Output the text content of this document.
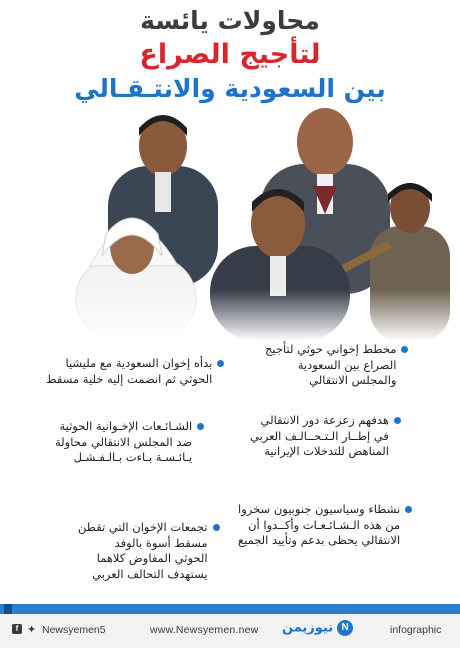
محاولات يائسة
لتأجيج الصراع
بين السعودية والانتـقـالي
مخطط إخواني حوثي لتأجيج
الصراع بين السعودية
والمجلس الانتقالي
بدأه إخوان السعودية مع مليشيا
الحوثي ثم انضمت إليه خلية مسقط
هدفهم زعزعة دور الانتقالي
في إطــار الـتـحــالـف العربي
المناهض للتدخلات الإيرانية
الشـائـعات الإخـوانية الحوثية
ضد المجلس الانتقالي محاولة
يـائـسـة بـاءت بـالـفـشـل
نشطاء وسياسيون جنوبيون سخروا
من هذه الـشـائـعـات وأكــدوا أن
الانتقالي يحظى بدعم وتأييد الجميع
تجمعات الإخوان التي تقطن
مسقط أسوة بالوفد
الحوثي المفاوض كلاهما
يستهدف التحالف العربي
f ✦ Newsyemen5	www.Newsyemen.new	Nنيوزيمن	infographic
